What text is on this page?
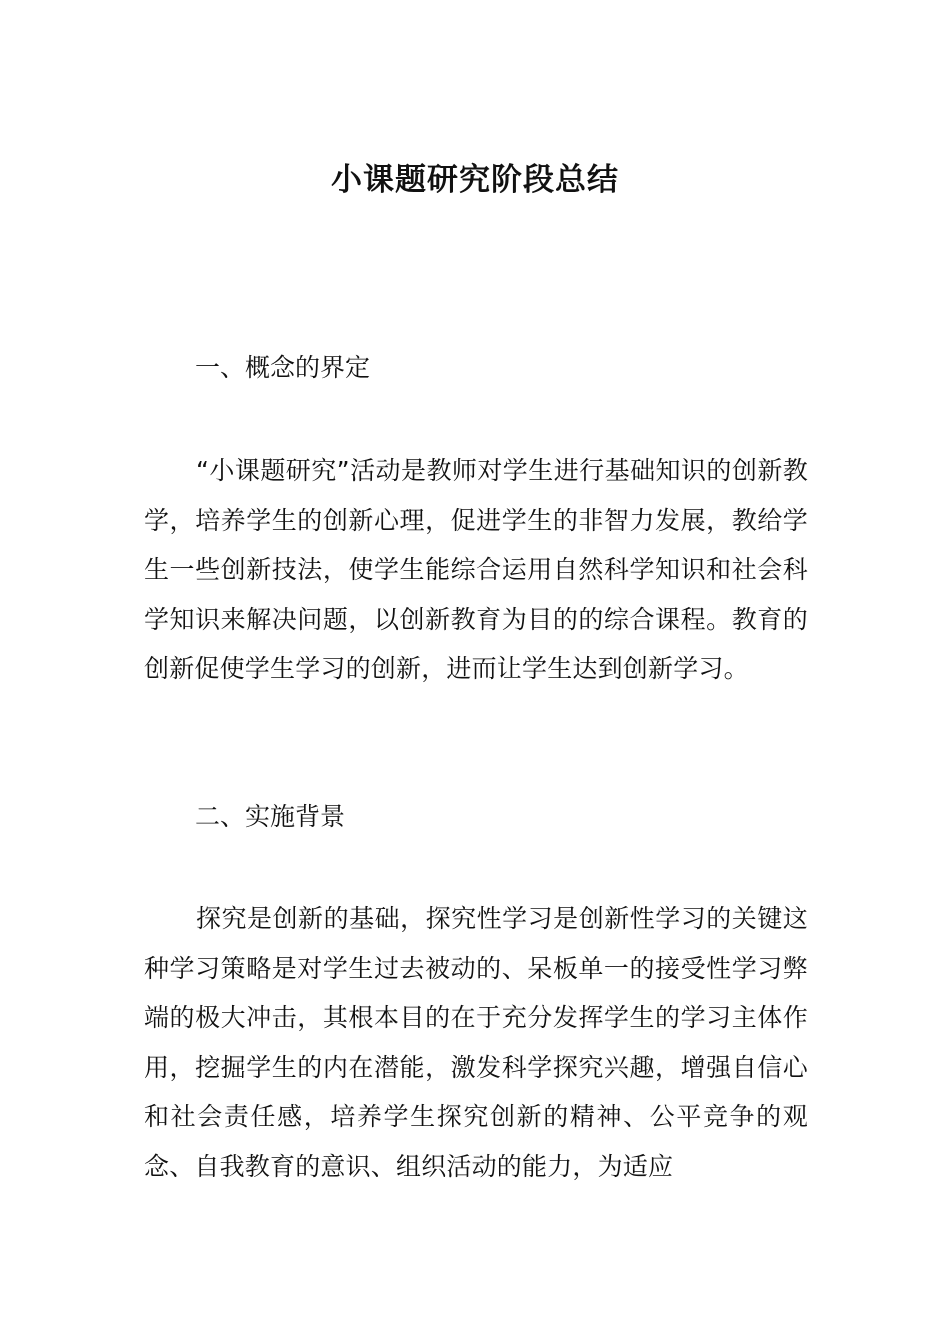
小课题研究阶段总结
一、概念的界定
“小课题研究”活动是教师对学生进行基础知识的创新教学，培养学生的创新心理，促进学生的非智力发展，教给学生一些创新技法，使学生能综合运用自然科学知识和社会科学知识来解决问题，以创新教育为目的的综合课程。教育的创新促使学生学习的创新，进而让学生达到创新学习。
二、实施背景
探究是创新的基础，探究性学习是创新性学习的关键这种学习策略是对学生过去被动的、呆板单一的接受性学习弊端的极大冲击，其根本目的在于充分发挥学生的学习主体作用，挖掘学生的内在潜能，激发科学探究兴趣，增强自信心和社会责任感，培养学生探究创新的精神、公平竞争的观念、自我教育的意识、组织活动的能力，为适应
